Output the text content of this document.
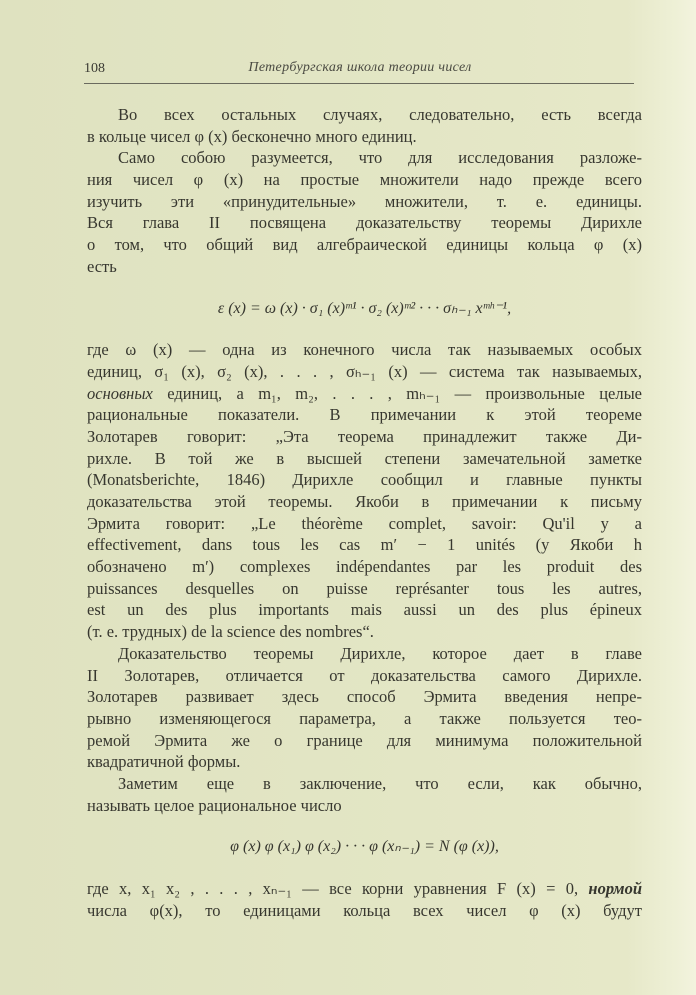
108	Петербургская школа теории чисел
Во всех остальных случаях, следовательно, есть всегда
в кольце чисел φ (x) бесконечно много единиц.
Само собою разумеется, что для исследования разложе-
ния чисел φ (x) на простые множители надо прежде всего
изучить эти «принудительные» множители, т. е. единицы.
Вся глава II посвящена доказательству теоремы Дирихле
о том, что общий вид алгебраической единицы кольца φ (x)
есть
ε (x) = ω (x) · σ₁ (x)ᵐ¹ · σ₂ (x)ᵐ² · · · σₕ₋₁ xᵐʰ⁻¹,
где ω (x) — одна из конечного числа так называемых особых
единиц, σ₁ (x), σ₂ (x), . . . , σₕ₋₁ (x) — система так называемых,
основных единиц, а m₁, m₂, . . . , mₕ₋₁ — произвольные целые
рациональные показатели. В примечании к этой теореме
Золотарев говорит: „Эта теорема принадлежит также Ди-
рихле. В той же в высшей степени замечательной заметке
(Monatsberichte, 1846) Дирихле сообщил и главные пункты
доказательства этой теоремы. Якоби в примечании к письму
Эрмита говорит: „Le théorème complet, savoir: Qu'il y a
effectivement, dans tous les cas m′ − 1 unités (у Якоби h
обозначено m′) complexes indépendantes par les produit des
puissances desquelles on puisse représanter tous les autres,
est un des plus importants mais aussi un des plus épineux
(т. е. трудных) de la science des nombres“.
Доказательство теоремы Дирихле, которое дает в главе
II Золотарев, отличается от доказательства самого Дирихле.
Золотарев развивает здесь способ Эрмита введения непре-
рывно изменяющегося параметра, а также пользуется тео-
ремой Эрмита же о границе для минимума положительной
квадратичной формы.
Заметим еще в заключение, что если, как обычно,
называть целое рациональное число
φ (x) φ (x₁) φ (x₂) · · · φ (xₙ₋₁) = N (φ (x)),
где x, x₁ x₂ , . . . , xₙ₋₁ — все корни уравнения F (x) = 0, нормой
числа φ(x), то единицами кольца всех чисел φ (x) будут
